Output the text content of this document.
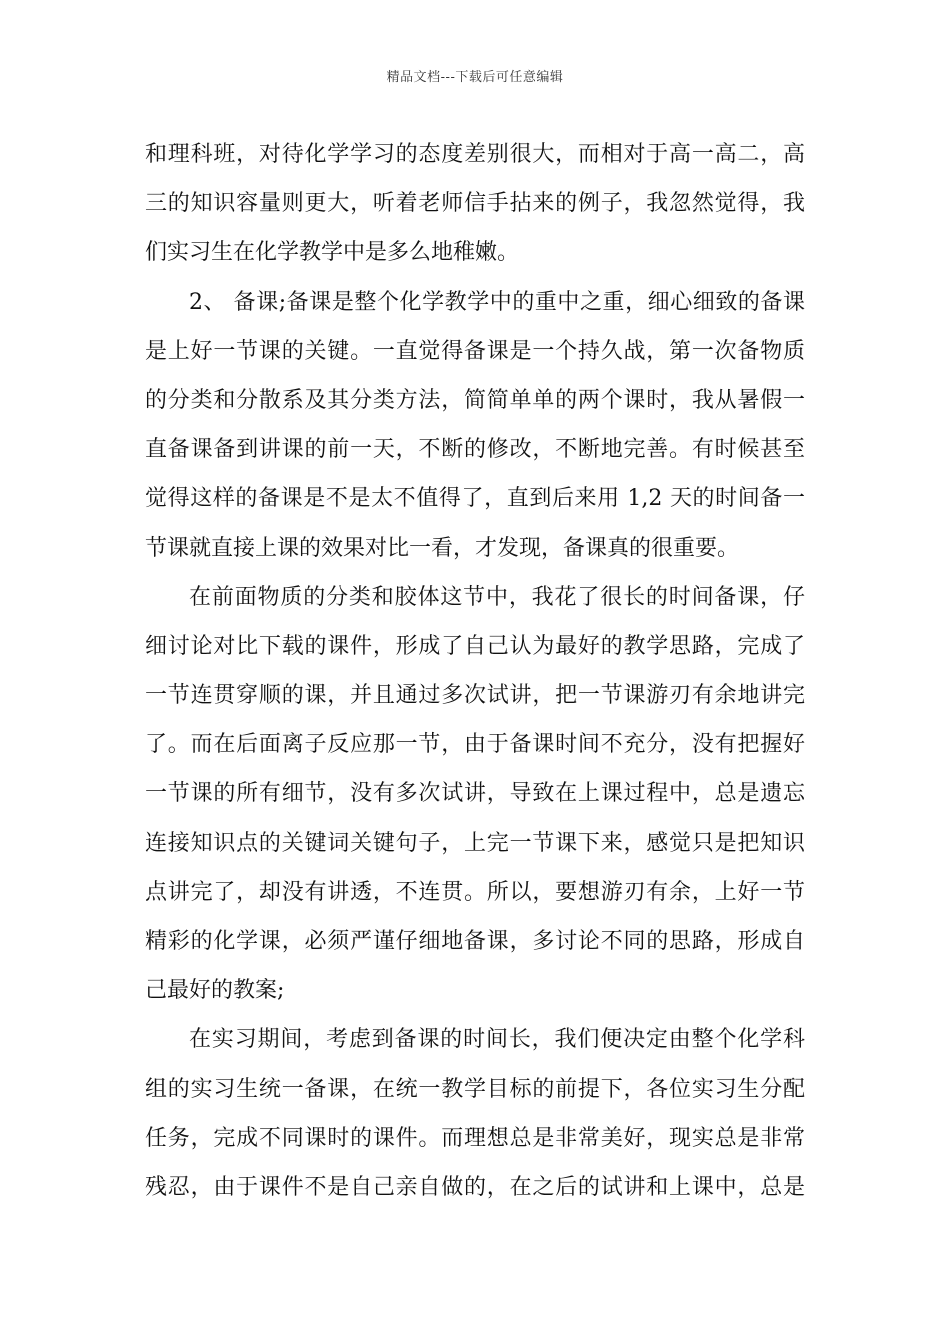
精品文档---下载后可任意编辑
和理科班，对待化学学习的态度差别很大，而相对于高一高二，高
三的知识容量则更大，听着老师信手拈来的例子，我忽然觉得，我
们实习生在化学教学中是多么地稚嫩。
2、 备课;备课是整个化学教学中的重中之重，细心细致的备课
是上好一节课的关键。一直觉得备课是一个持久战，第一次备物质
的分类和分散系及其分类方法，简简单单的两个课时，我从暑假一
直备课备到讲课的前一天，不断的修改，不断地完善。有时候甚至
觉得这样的备课是不是太不值得了，直到后来用 1,2 天的时间备一
节课就直接上课的效果对比一看，才发现，备课真的很重要。
在前面物质的分类和胶体这节中，我花了很长的时间备课，仔
细讨论对比下载的课件，形成了自己认为最好的教学思路，完成了
一节连贯穿顺的课，并且通过多次试讲，把一节课游刃有余地讲完
了。而在后面离子反应那一节，由于备课时间不充分，没有把握好
一节课的所有细节，没有多次试讲，导致在上课过程中，总是遗忘
连接知识点的关键词关键句子，上完一节课下来，感觉只是把知识
点讲完了，却没有讲透，不连贯。所以，要想游刃有余，上好一节
精彩的化学课，必须严谨仔细地备课，多讨论不同的思路，形成自
己最好的教案;
在实习期间，考虑到备课的时间长，我们便决定由整个化学科
组的实习生统一备课，在统一教学目标的前提下，各位实习生分配
任务，完成不同课时的课件。而理想总是非常美好，现实总是非常
残忍，由于课件不是自己亲自做的，在之后的试讲和上课中，总是
